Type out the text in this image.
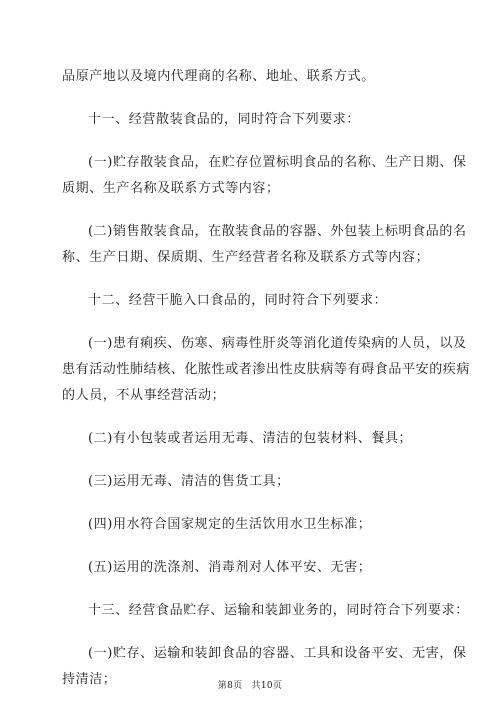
品原产地以及境内代理商的名称、地址、联系方式。

十一、经营散装食品的，同时符合下列要求：

(一)贮存散装食品，在贮存位置标明食品的名称、生产日期、保

质期、生产名称及联系方式等内容；

(二)销售散装食品，在散装食品的容器、外包装上标明食品的名

称、生产日期、保质期、生产经营者名称及联系方式等内容；

十二、经营干脆入口食品的，同时符合下列要求：

(一)患有痢疾、伤寒、病毒性肝炎等消化道传染病的人员，以及

患有活动性肺结核、化脓性或者渗出性皮肤病等有碍食品平安的疾病

的人员，不从事经营活动；

(二)有小包装或者运用无毒、清洁的包装材料、餐具；

(三)运用无毒、清洁的售货工具；

(四)用水符合国家规定的生活饮用水卫生标准；

(五)运用的洗涤剂、消毒剂对人体平安、无害；

十三、经营食品贮存、运输和装卸业务的，同时符合下列要求：

(一)贮存、运输和装卸食品的容器、工具和设备平安、无害，保

持清洁；	第8页 共10页
